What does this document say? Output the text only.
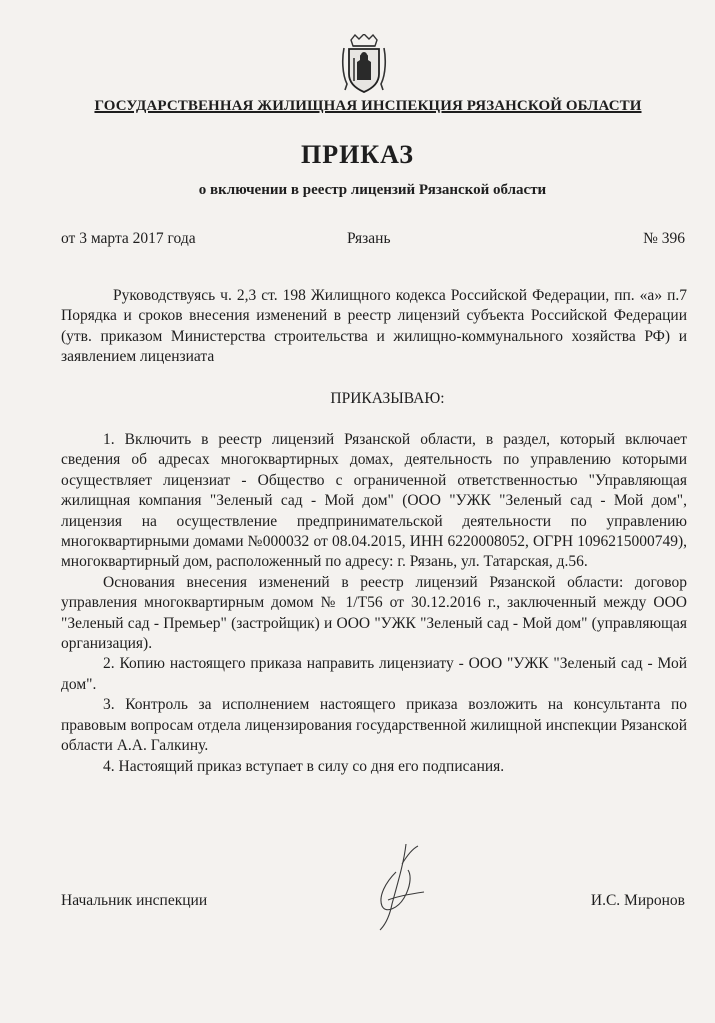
ГОСУДАРСТВЕННАЯ ЖИЛИЩНАЯ ИНСПЕКЦИЯ РЯЗАНСКОЙ ОБЛАСТИ
ПРИКАЗ
о включении в реестр лицензий Рязанской области
от 3 марта 2017 года	Рязань	№ 396

Руководствуясь ч. 2,3 ст. 198 Жилищного кодекса Российской Федерации, пп. «а» п.7 Порядка и сроков внесения изменений в реестр лицензий субъекта Российской Федерации (утв. приказом Министерства строительства и жилищно-коммунального хозяйства РФ) и заявлением лицензиата

ПРИКАЗЫВАЮ:

1. Включить в реестр лицензий Рязанской области, в раздел, который включает сведения об адресах многоквартирных домах, деятельность по управлению которыми осуществляет лицензиат - Общество с ограниченной ответственностью "Управляющая жилищная компания "Зеленый сад - Мой дом" (ООО "УЖК "Зеленый сад - Мой дом", лицензия на осуществление предпринимательской деятельности по управлению многоквартирными домами №000032 от 08.04.2015, ИНН 6220008052, ОГРН 1096215000749), многоквартирный дом, расположенный по адресу: г. Рязань, ул. Татарская, д.56.

Основания внесения изменений в реестр лицензий Рязанской области: договор управления многоквартирным домом № 1/Т56 от 30.12.2016 г., заключенный между ООО "Зеленый сад - Премьер" (застройщик) и ООО "УЖК "Зеленый сад - Мой дом" (управляющая организация).

2. Копию настоящего приказа направить лицензиату - ООО "УЖК "Зеленый сад - Мой дом".

3. Контроль за исполнением настоящего приказа возложить на консультанта по правовым вопросам отдела лицензирования государственной жилищной инспекции Рязанской области А.А. Галкину.

4. Настоящий приказ вступает в силу со дня его подписания.

Начальник инспекции	И.С. Миронов
